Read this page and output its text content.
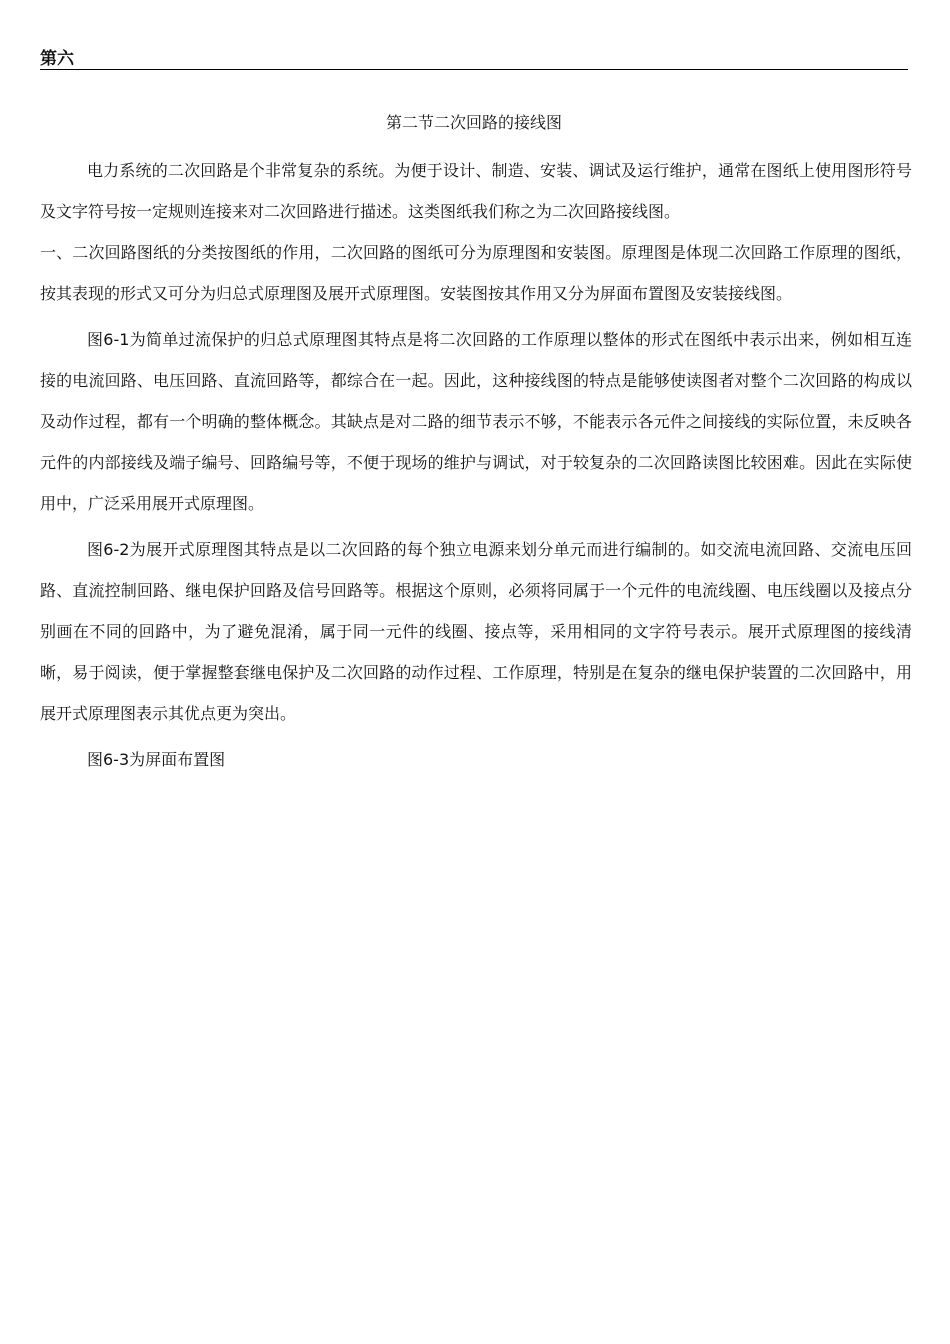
第六
第二节二次回路的接线图

电力系统的二次回路是个非常复杂的系统。为便于设计、制造、安装、调试及运行维护，通常在图纸上使用图形符号及文字符号按一定规则连接来对二次回路进行描述。这类图纸我们称之为二次回路接线图。

一、二次回路图纸的分类按图纸的作用，二次回路的图纸可分为原理图和安装图。原理图是体现二次回路工作原理的图纸，按其表现的形式又可分为归总式原理图及展开式原理图。安装图按其作用又分为屏面布置图及安装接线图。

图6-1为简单过流保护的归总式原理图其特点是将二次回路的工作原理以整体的形式在图纸中表示出来，例如相互连接的电流回路、电压回路、直流回路等，都综合在一起。因此，这种接线图的特点是能够使读图者对整个二次回路的构成以及动作过程，都有一个明确的整体概念。其缺点是对二路的细节表示不够，不能表示各元件之间接线的实际位置，未反映各元件的内部接线及端子编号、回路编号等，不便于现场的维护与调试，对于较复杂的二次回路读图比较困难。因此在实际使用中，广泛采用展开式原理图。

图6-2为展开式原理图其特点是以二次回路的每个独立电源来划分单元而进行编制的。如交流电流回路、交流电压回路、直流控制回路、继电保护回路及信号回路等。根据这个原则，必须将同属于一个元件的电流线圈、电压线圈以及接点分别画在不同的回路中，为了避免混淆，属于同一元件的线圈、接点等，采用相同的文字符号表示。展开式原理图的接线清晰，易于阅读，便于掌握整套继电保护及二次回路的动作过程、工作原理，特别是在复杂的继电保护装置的二次回路中，用展开式原理图表示其优点更为突出。

图6-3为屏面布置图
